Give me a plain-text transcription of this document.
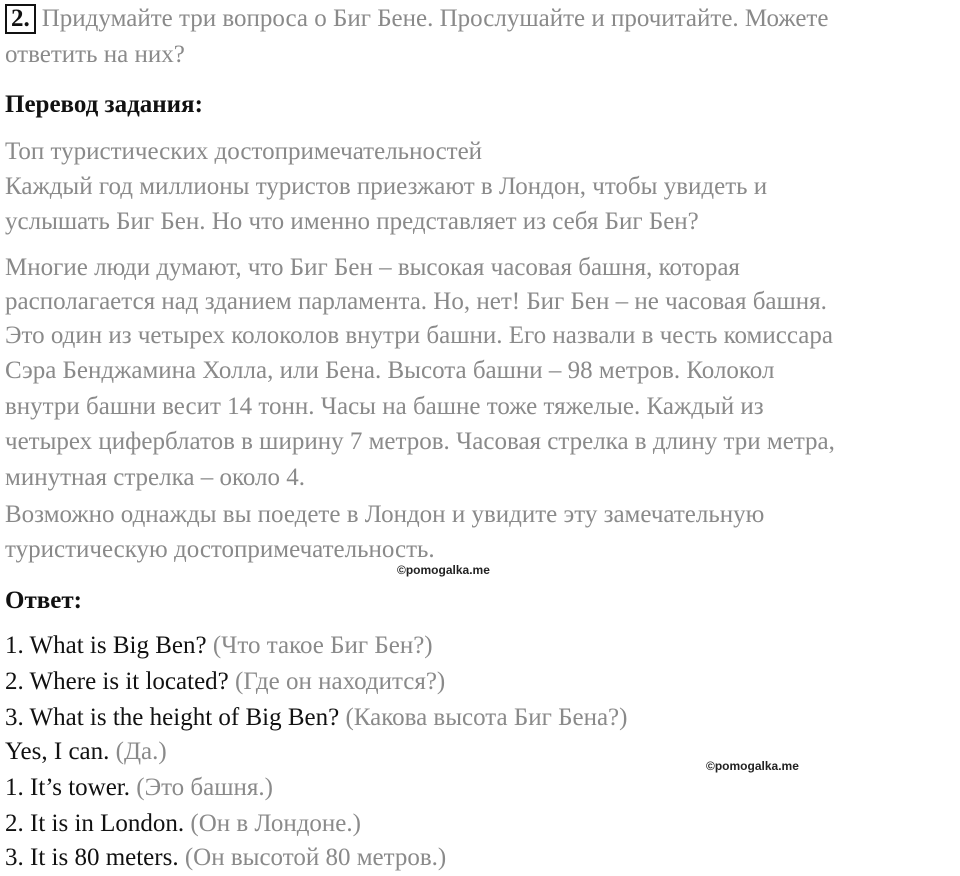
2. Придумайте три вопроса о Биг Бене. Прослушайте и прочитайте. Можете
ответить на них?
Перевод задания:
Топ туристических достопримечательностей
Каждый год миллионы туристов приезжают в Лондон, чтобы увидеть и
услышать Биг Бен. Но что именно представляет из себя Биг Бен?
Многие люди думают, что Биг Бен – высокая часовая башня, которая
располагается над зданием парламента. Но, нет! Биг Бен – не часовая башня.
Это один из четырех колоколов внутри башни. Его назвали в честь комиссара
Сэра Бенджамина Холла, или Бена. Высота башни – 98 метров. Колокол
внутри башни весит 14 тонн. Часы на башне тоже тяжелые. Каждый из
четырех циферблатов в ширину 7 метров. Часовая стрелка в длину три метра,
минутная стрелка – около 4.
Возможно однажды вы поедете в Лондон и увидите эту замечательную
туристическую достопримечательность.
©pomogalka.me
Ответ:
1. What is Big Ben? (Что такое Биг Бен?)
2. Where is it located? (Где он находится?)
3. What is the height of Big Ben? (Какова высота Биг Бена?)
Yes, I can. (Да.)
©pomogalka.me
1. It’s tower. (Это башня.)
2. It is in London. (Он в Лондоне.)
3. It is 80 meters. (Он высотой 80 метров.)
